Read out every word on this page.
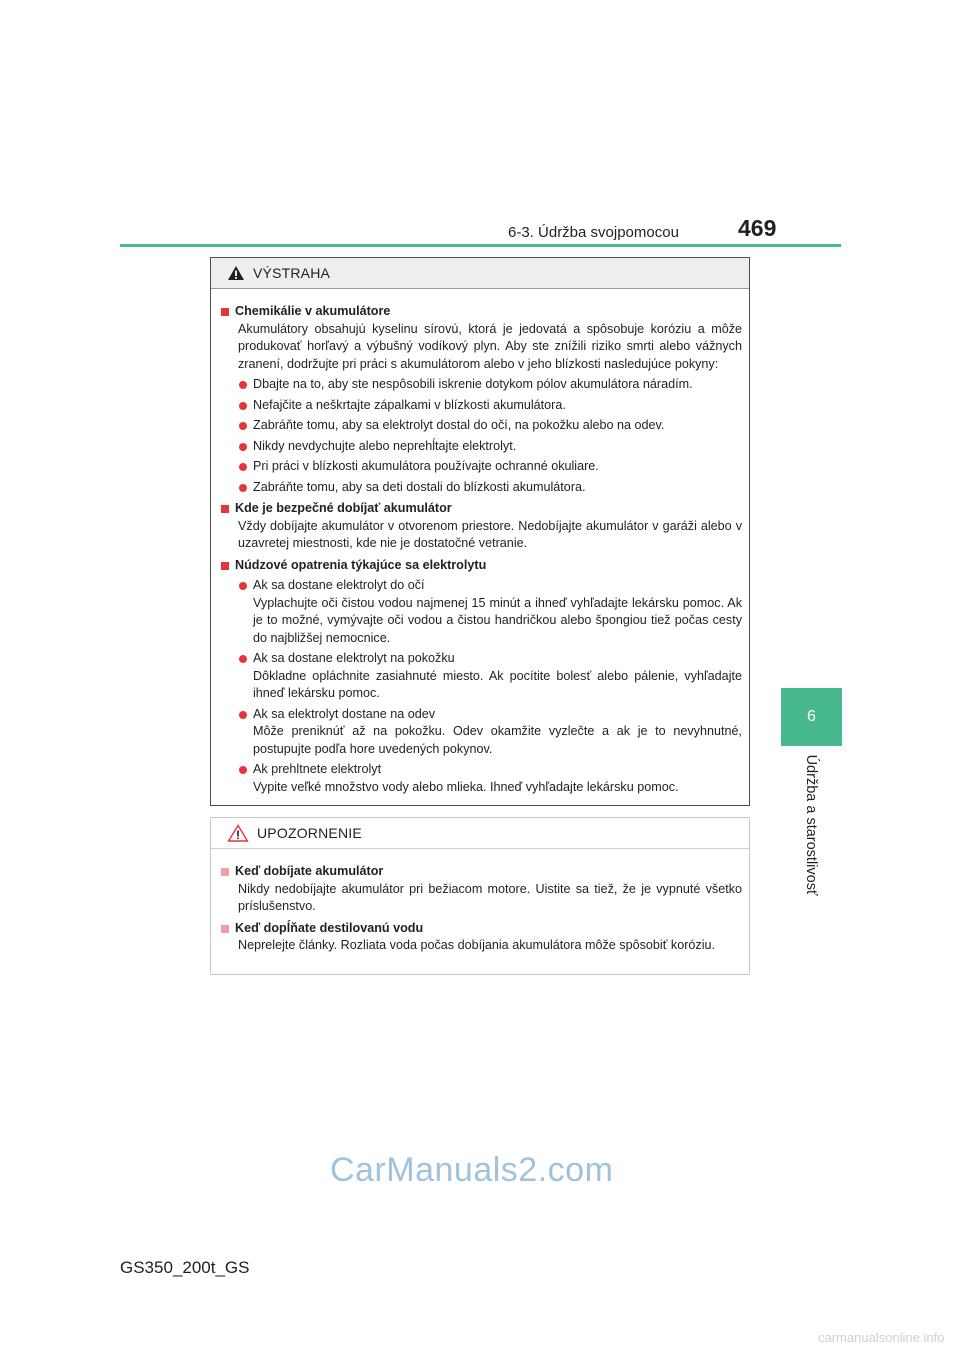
6-3. Údržba svojpomocou	469
6
Údržba a starostlivosť
VÝSTRAHA
Chemikálie v akumulátore
Akumulátory obsahujú kyselinu sírovú, ktorá je jedovatá a spôsobuje koróziu a môže produkovať horľavý a výbušný vodíkový plyn. Aby ste znížili riziko smrti alebo vážnych zranení, dodržujte pri práci s akumulátorom alebo v jeho blízkosti nasledujúce pokyny:
Dbajte na to, aby ste nespôsobili iskrenie dotykom pólov akumulátora náradím.
Nefajčite a neškrtajte zápalkami v blízkosti akumulátora.
Zabráňte tomu, aby sa elektrolyt dostal do očí, na pokožku alebo na odev.
Nikdy nevdychujte alebo neprehĺtajte elektrolyt.
Pri práci v blízkosti akumulátora používajte ochranné okuliare.
Zabráňte tomu, aby sa deti dostali do blízkosti akumulátora.
Kde je bezpečné dobíjať akumulátor
Vždy dobíjajte akumulátor v otvorenom priestore. Nedobíjajte akumulátor v garáži alebo v uzavretej miestnosti, kde nie je dostatočné vetranie.
Núdzové opatrenia týkajúce sa elektrolytu
Ak sa dostane elektrolyt do očí
Vyplachujte oči čistou vodou najmenej 15 minút a ihneď vyhľadajte lekársku pomoc. Ak je to možné, vymývajte oči vodou a čistou handričkou alebo špongiou tiež počas cesty do najbližšej nemocnice.
Ak sa dostane elektrolyt na pokožku
Dôkladne opláchnite zasiahnuté miesto. Ak pocítite bolesť alebo pálenie, vyhľadajte ihneď lekársku pomoc.
Ak sa elektrolyt dostane na odev
Môže preniknúť až na pokožku. Odev okamžite vyzlečte a ak je to nevyhnutné, postupujte podľa hore uvedených pokynov.
Ak prehltnete elektrolyt
Vypite veľké množstvo vody alebo mlieka. Ihneď vyhľadajte lekársku pomoc.
UPOZORNENIE
Keď dobíjate akumulátor
Nikdy nedobíjajte akumulátor pri bežiacom motore. Uistite sa tiež, že je vypnuté všetko príslušenstvo.
Keď dopĺňate destilovanú vodu
Neprelejte články. Rozliata voda počas dobíjania akumulátora môže spôsobiť koróziu.
CarManuals2.com
GS350_200t_GS
carmanualsonline.info
